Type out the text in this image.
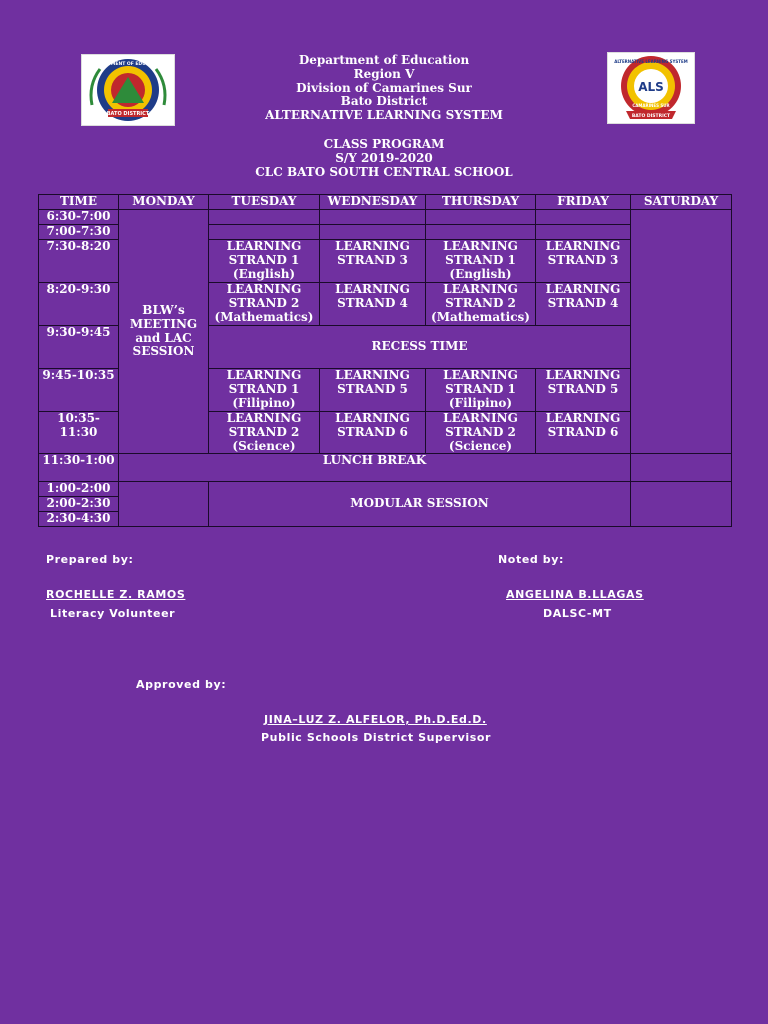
BATO DISTRICT
DEPARTMENT OF EDUCATION
ALS
ALTERNATIVE LEARNING SYSTEM
CAMARINES SUR
BATO DISTRICT
Department of Education
Region V
Division of Camarines Sur
Bato District
ALTERNATIVE LEARNING SYSTEM
CLASS PROGRAM
S/Y 2019-2020
CLC BATO SOUTH CENTRAL SCHOOL
TIME	MONDAY	TUESDAY	WEDNESDAY	THURSDAY	FRIDAY	SATURDAY
6:30-7:00	BLW’s MEETING and LAC SESSION					
7:00-7:30						
7:30-8:20		LEARNING STRAND 1 (English)	LEARNING STRAND 3	LEARNING STRAND 1 (English)	LEARNING STRAND 3	
8:20-9:30		LEARNING STRAND 2 (Mathematics)	LEARNING STRAND 4	LEARNING STRAND 2 (Mathematics)	LEARNING STRAND 4	
9:30-9:45		RECESS TIME				
9:45-10:35		LEARNING STRAND 1 (Filipino)	LEARNING STRAND 5	LEARNING STRAND 1 (Filipino)	LEARNING STRAND 5	
10:35-11:30		LEARNING STRAND 2 (Science)	LEARNING STRAND 6	LEARNING STRAND 2 (Science)	LEARNING STRAND 6	
11:30-1:00	LUNCH BREAK					
1:00-2:00		MODULAR SESSION				
2:00-2:30						
2:30-4:30						
Prepared by:
ROCHELLE Z. RAMOS
Literacy Volunteer
Noted by:
ANGELINA B.LLAGAS
DALSC-MT
Approved by:
JINA–LUZ Z. ALFELOR, Ph.D.Ed.D.
Public Schools District Supervisor
